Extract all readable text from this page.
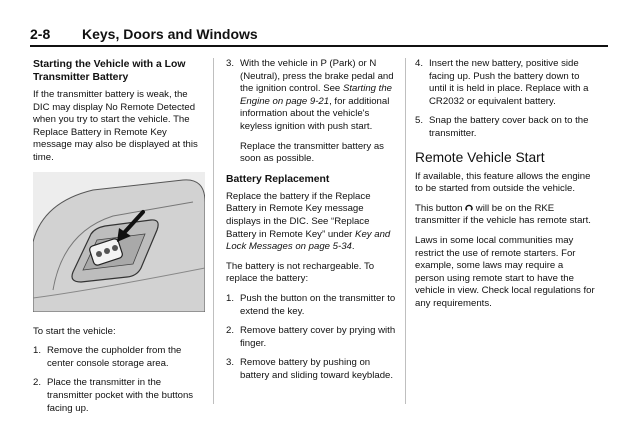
2-8 Keys, Doors and Windows
Starting the Vehicle with a Low Transmitter Battery

If the transmitter battery is weak, the DIC may display No Remote Detected when you try to start the vehicle. The Replace Battery in Remote Key message may also be displayed at this time.

To start the vehicle:

1. Remove the cupholder from the center console storage area.
2. Place the transmitter in the transmitter pocket with the buttons facing up.
3. With the vehicle in P (Park) or N (Neutral), press the brake pedal and the ignition control. See Starting the Engine on page 9-21, for additional information about the vehicle's keyless ignition with push start.

Replace the transmitter battery as soon as possible.

Battery Replacement

Replace the battery if the Replace Battery in Remote Key message displays in the DIC. See “Replace Battery in Remote Key” under Key and Lock Messages on page 5-34.

The battery is not rechargeable. To replace the battery:

1. Push the button on the transmitter to extend the key.
2. Remove battery cover by prying with finger.
3. Remove battery by pushing on battery and sliding toward keyblade.
4. Insert the new battery, positive side facing up. Push the battery down to until it is held in place. Replace with a CR2032 or equivalent battery.
5. Snap the battery cover back on to the transmitter.
Remote Vehicle Start

If available, this feature allows the engine to be started from outside the vehicle.

This button  will be on the RKE transmitter if the vehicle has remote start.

Laws in some local communities may restrict the use of remote starters. For example, some laws may require a person using remote start to have the vehicle in view. Check local regulations for any requirements.
